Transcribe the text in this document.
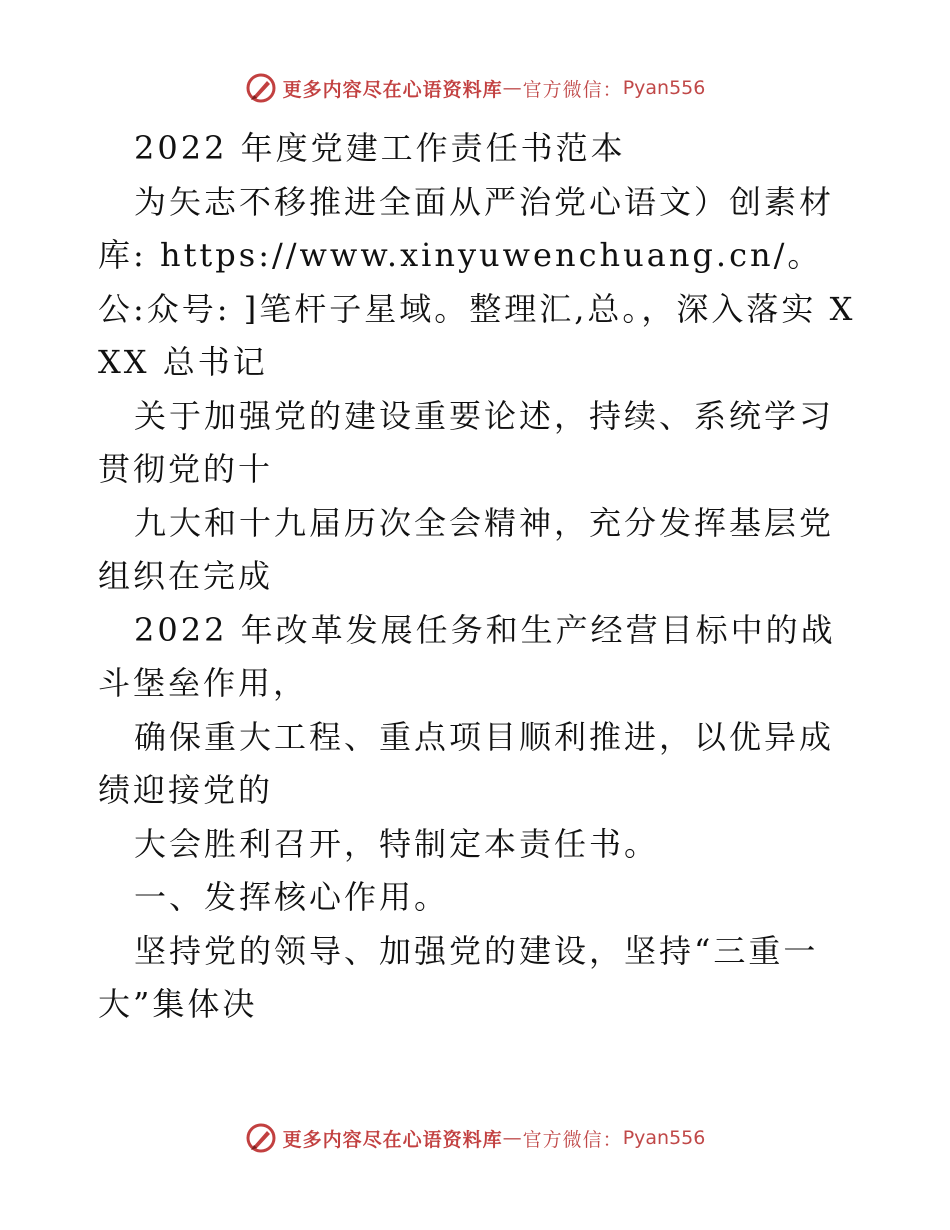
更多内容尽在心语资料库 — 官方微信： Pyan556

2022 年度党建工作责任书范本

为矢志不移推进全面从严治党心语文）创素材库: https://www.xinyuwenchuang.cn/。公:众号: ]笔杆子星域。整理汇,总。，深入落实 XXX 总书记

关于加强党的建设重要论述，持续、系统学习贯彻党的十

九大和十九届历次全会精神，充分发挥基层党组织在完成

2022 年改革发展任务和生产经营目标中的战斗堡垒作用，

确保重大工程、重点项目顺利推进，以优异成绩迎接党的

大会胜利召开，特制定本责任书。

一、发挥核心作用。

坚持党的领导、加强党的建设，坚持“三重一大”集体决

更多内容尽在心语资料库 — 官方微信： Pyan556
